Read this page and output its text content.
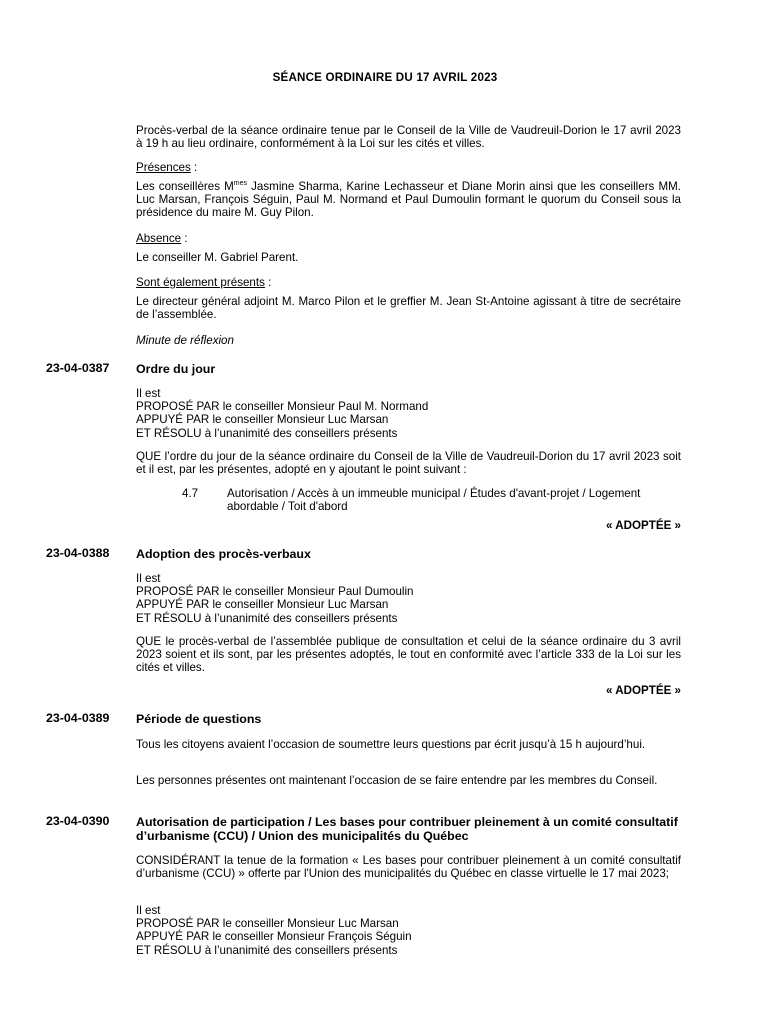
SÉANCE ORDINAIRE DU 17 AVRIL 2023

Procès-verbal de la séance ordinaire tenue par le Conseil de la Ville de Vaudreuil-Dorion le 17 avril 2023 à 19 h au lieu ordinaire, conformément à la Loi sur les cités et villes.

Présences :

Les conseillères $M^{mes}$ Jasmine Sharma, Karine Lechasseur et Diane Morin ainsi que les conseillers MM. Luc Marsan, François Séguin, Paul M. Normand et Paul Dumoulin formant le quorum du Conseil sous la présidence du maire M. Guy Pilon.

Absence :

Le conseiller M. Gabriel Parent.

Sont également présents :

Le directeur général adjoint M. Marco Pilon et le greffier M. Jean St-Antoine agissant à titre de secrétaire de l’assemblée.

Minute de réflexion

23-04-0387 Ordre du jour

Il est

PROPOSÉ PAR le conseiller Monsieur Paul M. Normand

APPUYÉ PAR le conseiller Monsieur Luc Marsan

ET RÉSOLU à l’unanimité des conseillers présents

QUE l’ordre du jour de la séance ordinaire du Conseil de la Ville de Vaudreuil-Dorion du 17 avril 2023 soit et il est, par les présentes, adopté en y ajoutant le point suivant :

4.7 Autorisation / Accès à un immeuble municipal / Études d'avant-projet / Logement abordable / Toit d'abord
« ADOPTÉE »
23-04-0388 Adoption des procès-verbaux

Il est

PROPOSÉ PAR le conseiller Monsieur Paul Dumoulin

APPUYÉ PAR le conseiller Monsieur Luc Marsan

ET RÉSOLU à l’unanimité des conseillers présents

QUE le procès-verbal de l’assemblée publique de consultation et celui de la séance ordinaire du 3 avril 2023 soient et ils sont, par les présentes adoptés, le tout en conformité avec l’article 333 de la Loi sur les cités et villes.

« ADOPTÉE »
23-04-0389 Période de questions

Tous les citoyens avaient l’occasion de soumettre leurs questions par écrit jusqu’à 15 h aujourd’hui.

Les personnes présentes ont maintenant l’occasion de se faire entendre par les membres du Conseil.

23-04-0390 Autorisation de participation / Les bases pour contribuer pleinement à un comité consultatif d’urbanisme (CCU) / Union des municipalités du Québec

CONSIDÉRANT la tenue de la formation « Les bases pour contribuer pleinement à un comité consultatif d’urbanisme (CCU) » offerte par l'Union des municipalités du Québec en classe virtuelle le 17 mai 2023;

Il est

PROPOSÉ PAR le conseiller Monsieur Luc Marsan

APPUYÉ PAR le conseiller Monsieur François Séguin

ET RÉSOLU à l’unanimité des conseillers présents
